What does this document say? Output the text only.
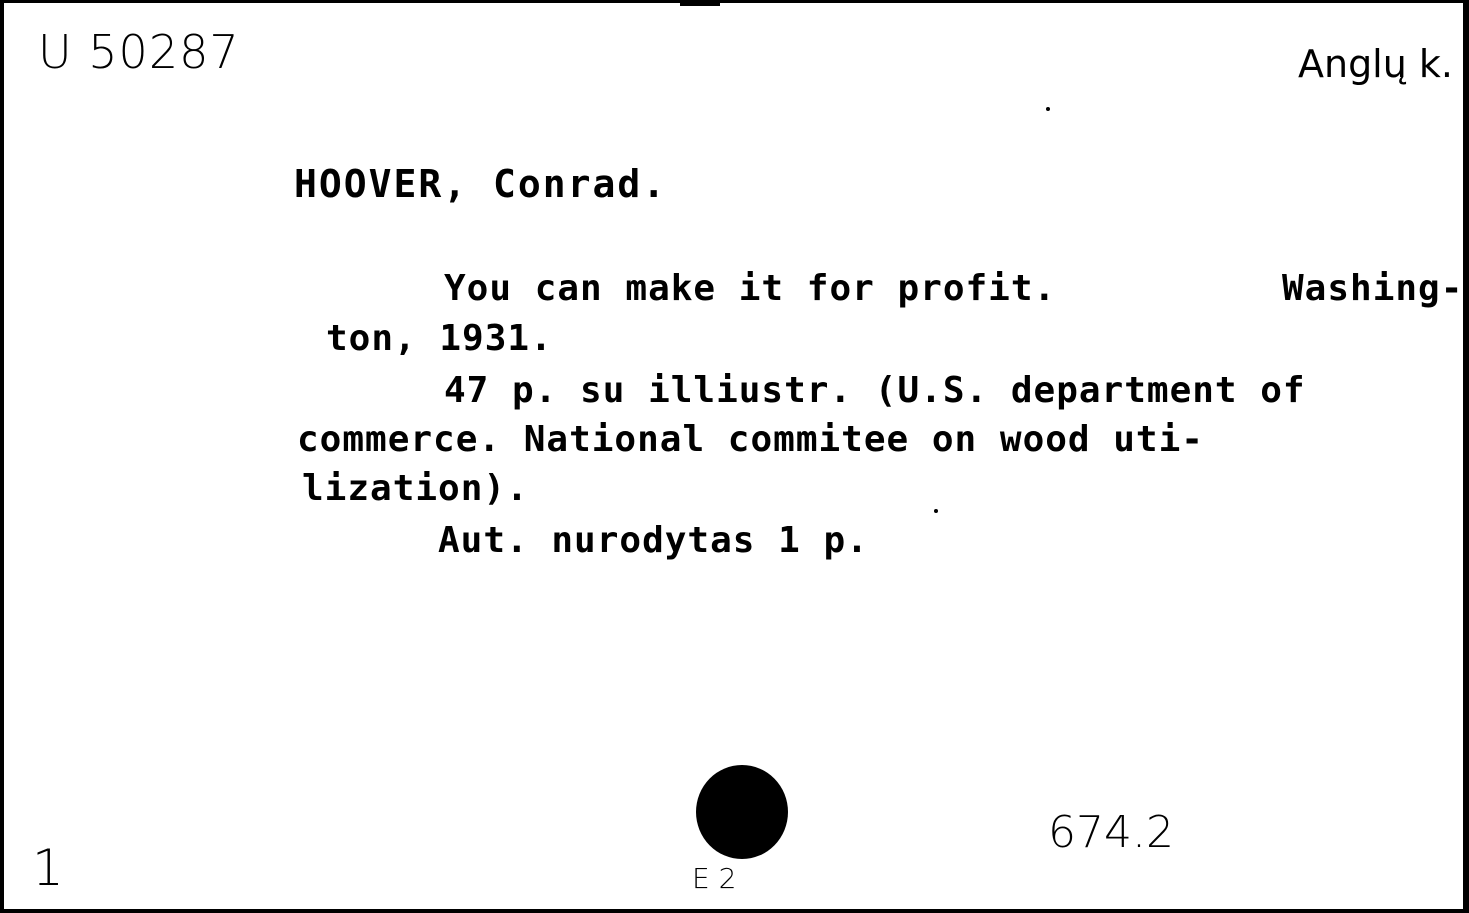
U 50287	Anglų k.
HOOVER, Conrad.
You can make it for profit.	Washing-
ton, 1931.
47 p. su illiustr. (U.S. department of
commerce. National commitee on wood uti-
lization).
Aut. nurodytas 1 p.
1
674.2
E 2
